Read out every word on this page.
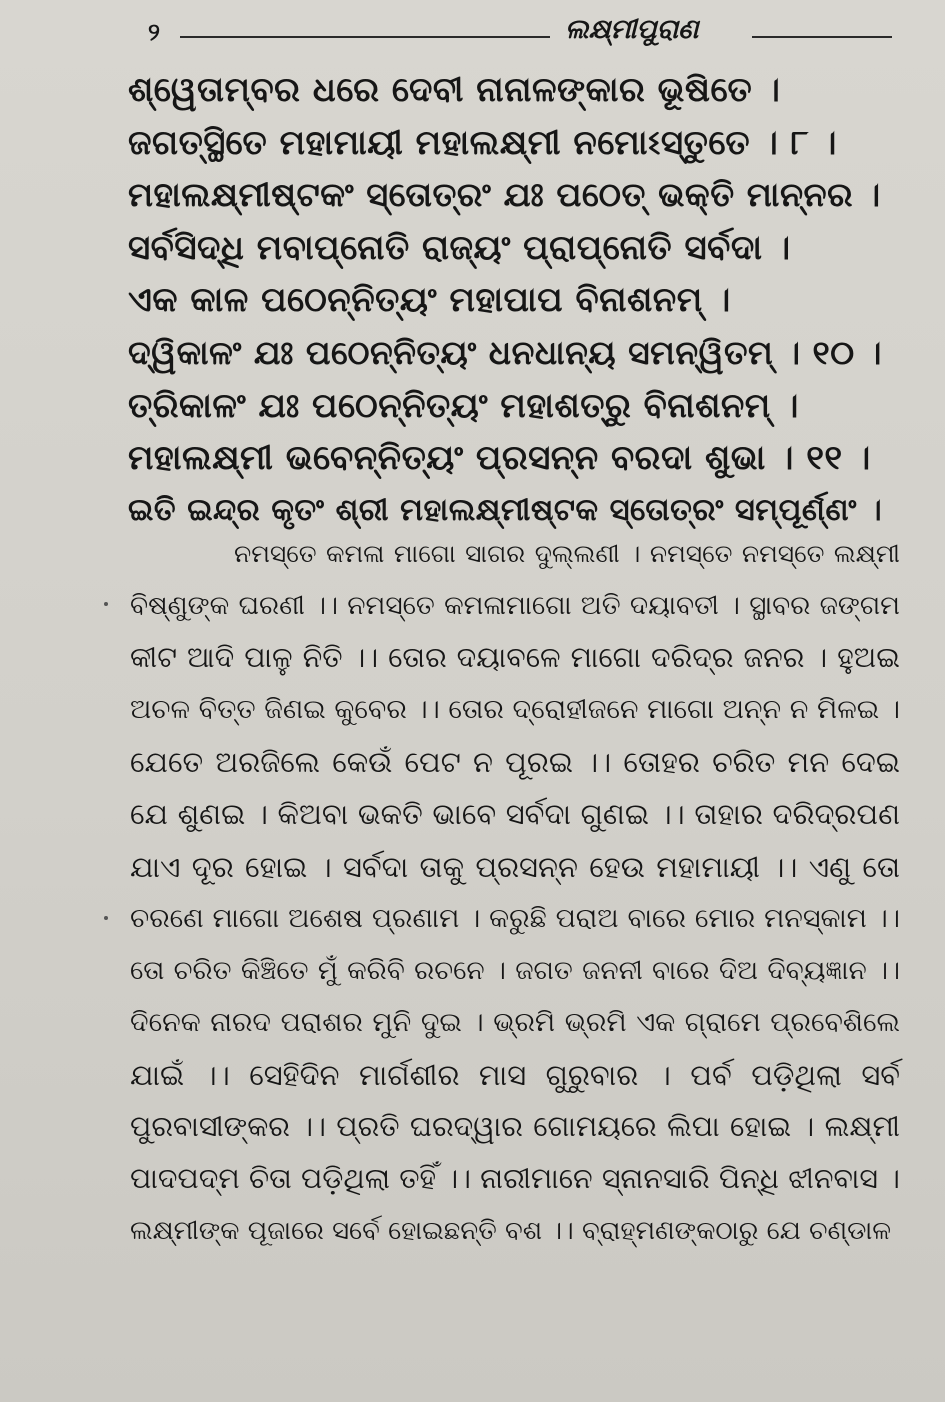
୨	ଲକ୍ଷ୍ମୀପୁରାଣ
ଶ୍ୱେତାମ୍ବର ଧରେ ଦେବୀ ନାନାଳଙ୍କାର ଭୂଷିତେ ।
ଜଗତ୍‌ସ୍ଥିତେ ମହାମାୟୀ ମହାଲକ୍ଷ୍ମୀ ନମୋଽସ୍ତୁତେ । ୮ ।
ମହାଲକ୍ଷ୍ମୀଷ୍ଟକଂ ସ୍ତୋତ୍ରଂ ଯଃ ପଠେତ୍ ଭକ୍ତି ମାନ୍ନର ।
ସର୍ବସିଦ୍ଧି ମବାପ୍ନୋତି ରାଜ୍ୟଂ ପ୍ରାପ୍ନୋତି ସର୍ବଦା ।
ଏକ କାଳ ପଠେନ୍ନିତ୍ୟଂ ମହାପାପ ବିନାଶନମ୍ ।
ଦ୍ୱିକାଳଂ ଯଃ ପଠେନ୍ନିତ୍ୟଂ ଧନଧାନ୍ୟ ସମନ୍ୱିତମ୍ । ୧୦ ।
ତ୍ରିକାଳଂ ଯଃ ପଠେନ୍ନିତ୍ୟଂ ମହାଶତ୍ରୁ ବିନାଶନମ୍ ।
ମହାଲକ୍ଷ୍ମୀ ଭବେନ୍ନିତ୍ୟଂ ପ୍ରସନ୍ନ ବରଦା ଶୁଭା । ୧୧ ।
ଇତି ଇନ୍ଦ୍ର କୃତଂ ଶ୍ରୀ ମହାଲକ୍ଷ୍ମୀଷ୍ଟକ ସ୍ତୋତ୍ରଂ ସମ୍ପୂର୍ଣ୍ଣଂ ।
ନମସ୍ତେ କମଳା ମାଗୋ ସାଗର ଦୁଲ୍ଲଣୀ । ନମସ୍ତେ ନମସ୍ତେ ଲକ୍ଷ୍ମୀ
ବିଷ୍ଣୁଙ୍କ ଘରଣୀ ।। ନମସ୍ତେ କମଳାମାଗୋ ଅତି ଦୟାବତୀ । ସ୍ଥାବର ଜଙ୍ଗମ
କୀଟ ଆଦି ପାଳୁ ନିତି ।। ତୋର ଦୟାବଳେ ମାଗୋ ଦରିଦ୍ର ଜନର । ହୁଅଇ
ଅଚଳ ବିତ୍ତ ଜିଣଇ କୁବେର ।। ତୋର ଦ୍ରୋହୀଜନେ ମାଗୋ ଅନ୍ନ ନ ମିଳଇ ।
ଯେତେ ଅରଜିଲେ କେଉଁ ପେଟ ନ ପୂରଇ ।। ତୋହର ଚରିତ ମନ ଦେଇ
ଯେ ଶୁଣଇ । କିଅବା ଭକତି ଭାବେ ସର୍ବଦା ଗୁଣଇ ।। ତାହାର ଦରିଦ୍ରପଣ
ଯାଏ ଦୂର ହୋଇ । ସର୍ବଦା ତାକୁ ପ୍ରସନ୍ନ ହେଉ ମହାମାୟୀ ।। ଏଣୁ ତୋ
ଚରଣେ ମାଗୋ ଅଶେଷ ପ୍ରଣାମ । କରୁଛି ପରାଅ ବାରେ ମୋର ମନସ୍କାମ ।।
ତୋ ଚରିତ କିଞ୍ଚିତେ ମୁଁ କରିବି ରଚନେ । ଜଗତ ଜନନୀ ବାରେ ଦିଅ ଦିବ୍ୟଜ୍ଞାନ ।।
ଦିନେକ ନାରଦ ପରାଶର ମୁନି ଦୁଇ । ଭ୍ରମି ଭ୍ରମି ଏକ ଗ୍ରାମେ ପ୍ରବେଶିଲେ
ଯାଇଁ ।। ସେହିଦିନ ମାର୍ଗଶୀର ମାସ ଗୁରୁବାର । ପର୍ବ ପଡ଼ିଥିଲା ସର୍ବ
ପୁରବାସୀଙ୍କର ।। ପ୍ରତି ଘରଦ୍ୱାର ଗୋମୟରେ ଲିପା ହୋଇ । ଲକ୍ଷ୍ମୀ
ପାଦପଦ୍ମ ଚିତା ପଡ଼ିଥିଲା ତହିଁ ।। ନାରୀମାନେ ସ୍ନାନସାରି ପିନ୍ଧି ଝୀନବାସ ।
ଲକ୍ଷ୍ମୀଙ୍କ ପୂଜାରେ ସର୍ବେ ହୋଇଛନ୍ତି ବଶ ।। ବ୍ରାହ୍ମଣଙ୍କଠାରୁ ଯେ ଚଣ୍ଡାଳ
